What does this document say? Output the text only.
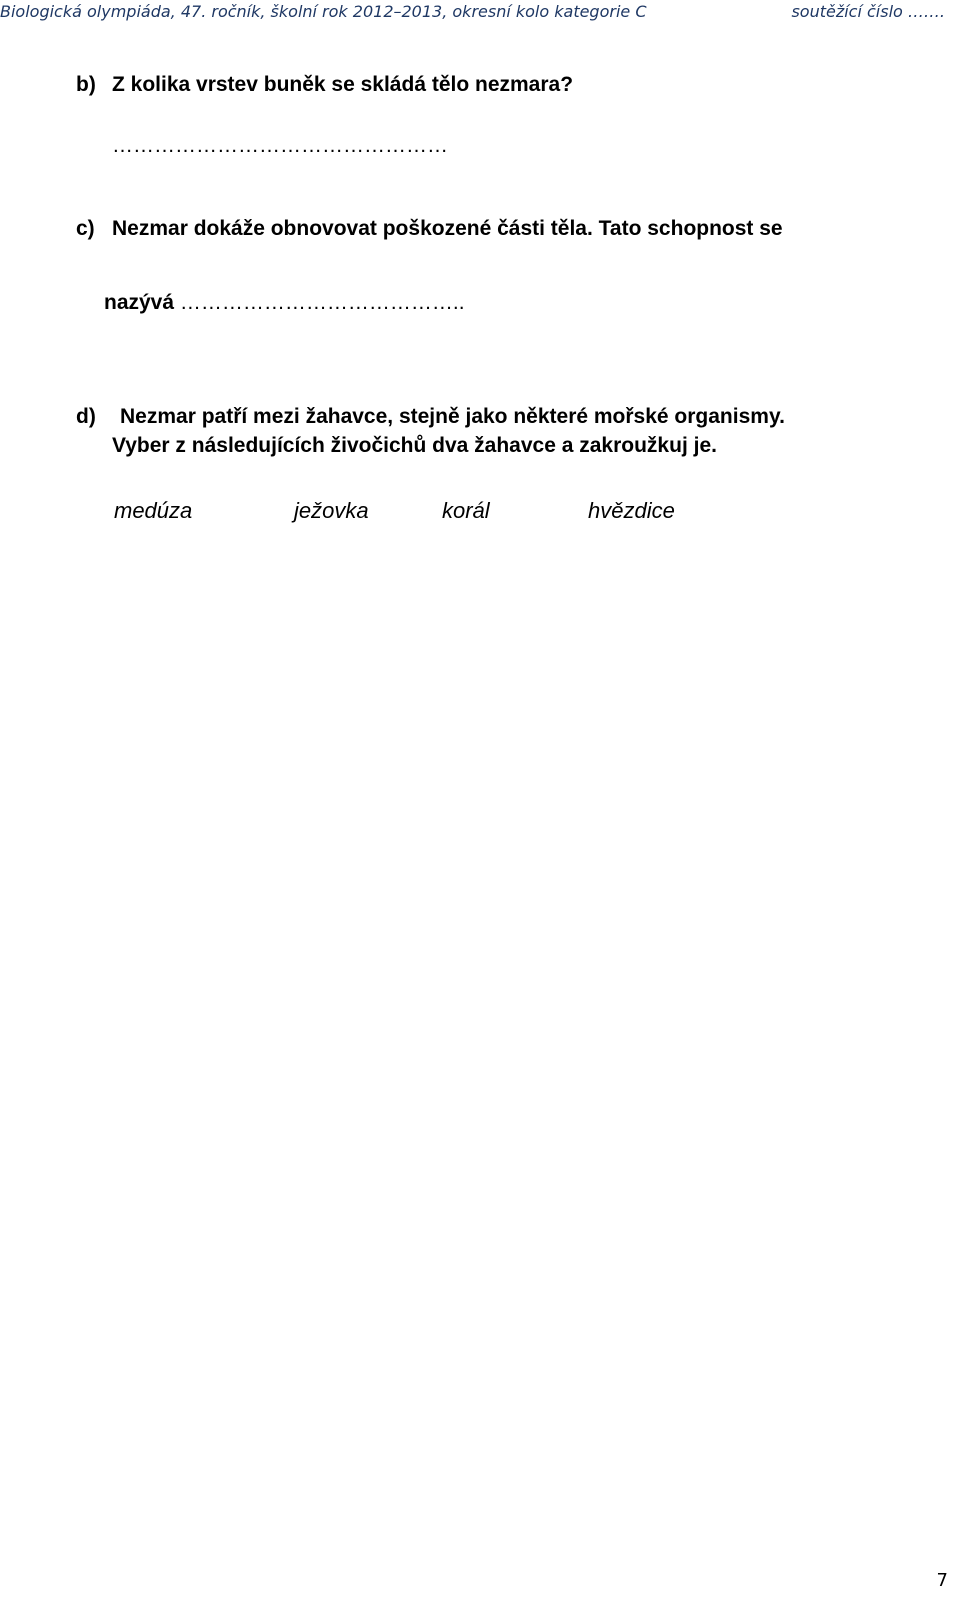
Biologická olympiáda, 47. ročník, školní rok 2012–2013, okresní kolo kategorie C	soutěžící číslo …….
b) Z kolika vrstev buněk se skládá tělo nezmara?
…………………………………………
c) Nezmar dokáže obnovovat poškozené části těla. Tato schopnost se
nazývá …………………………………..
d) Nezmar patří mezi žahavce, stejně jako některé mořské organismy.
Vyber z následujících živočichů dva žahavce a zakroužkuj je.
medúza	ježovka	korál	hvězdice
7
